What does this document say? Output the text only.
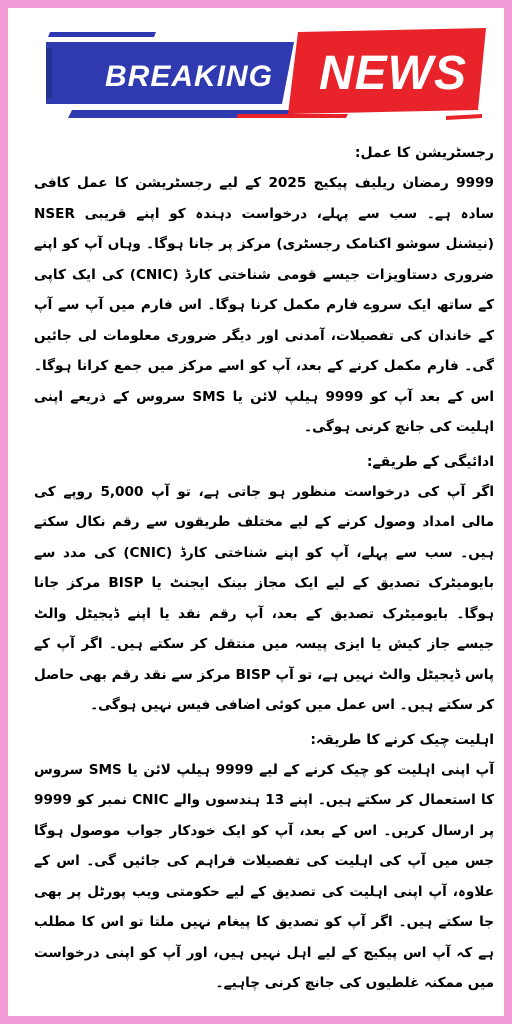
BREAKING NEWS
رجسٹریشن کا عمل:
9999 رمضان ریلیف پیکیج 2025 کے لیے رجسٹریشن کا عمل کافی سادہ ہے۔ سب سے پہلے، درخواست دہندہ کو اپنے قریبی NSER (نیشنل سوشو اکنامک رجسٹری) مرکز پر جانا ہوگا۔ وہاں آپ کو اپنے ضروری دستاویزات جیسے قومی شناختی کارڈ (CNIC) کی ایک کاپی کے ساتھ ایک سروے فارم مکمل کرنا ہوگا۔ اس فارم میں آپ سے آپ کے خاندان کی تفصیلات، آمدنی اور دیگر ضروری معلومات لی جائیں گی۔ فارم مکمل کرنے کے بعد، آپ کو اسے مرکز میں جمع کرانا ہوگا۔ اس کے بعد آپ کو 9999 ہیلپ لائن یا SMS سروس کے ذریعے اپنی اہلیت کی جانچ کرنی ہوگی۔
ادائیگی کے طریقے:
اگر آپ کی درخواست منظور ہو جاتی ہے، تو آپ 5,000 روپے کی مالی امداد وصول کرنے کے لیے مختلف طریقوں سے رقم نکال سکتے ہیں۔ سب سے پہلے، آپ کو اپنے شناختی کارڈ (CNIC) کی مدد سے بایومیٹرک تصدیق کے لیے ایک مجاز بینک ایجنٹ یا BISP مرکز جانا ہوگا۔ بایومیٹرک تصدیق کے بعد، آپ رقم نقد یا اپنے ڈیجیٹل والٹ جیسے جاز کیش یا ایزی پیسہ میں منتقل کر سکتے ہیں۔ اگر آپ کے پاس ڈیجیٹل والٹ نہیں ہے، تو آپ BISP مرکز سے نقد رقم بھی حاصل کر سکتے ہیں۔ اس عمل میں کوئی اضافی فیس نہیں ہوگی۔
اہلیت چیک کرنے کا طریقہ:
آپ اپنی اہلیت کو چیک کرنے کے لیے 9999 ہیلپ لائن یا SMS سروس کا استعمال کر سکتے ہیں۔ اپنے 13 ہندسوں والے CNIC نمبر کو 9999 پر ارسال کریں۔ اس کے بعد، آپ کو ایک خودکار جواب موصول ہوگا جس میں آپ کی اہلیت کی تفصیلات فراہم کی جائیں گی۔ اس کے علاوہ، آپ اپنی اہلیت کی تصدیق کے لیے حکومتی ویب پورٹل پر بھی جا سکتے ہیں۔ اگر آپ کو تصدیق کا پیغام نہیں ملتا تو اس کا مطلب ہے کہ آپ اس پیکیج کے لیے اہل نہیں ہیں، اور آپ کو اپنی درخواست میں ممکنہ غلطیوں کی جانچ کرنی چاہیے۔
